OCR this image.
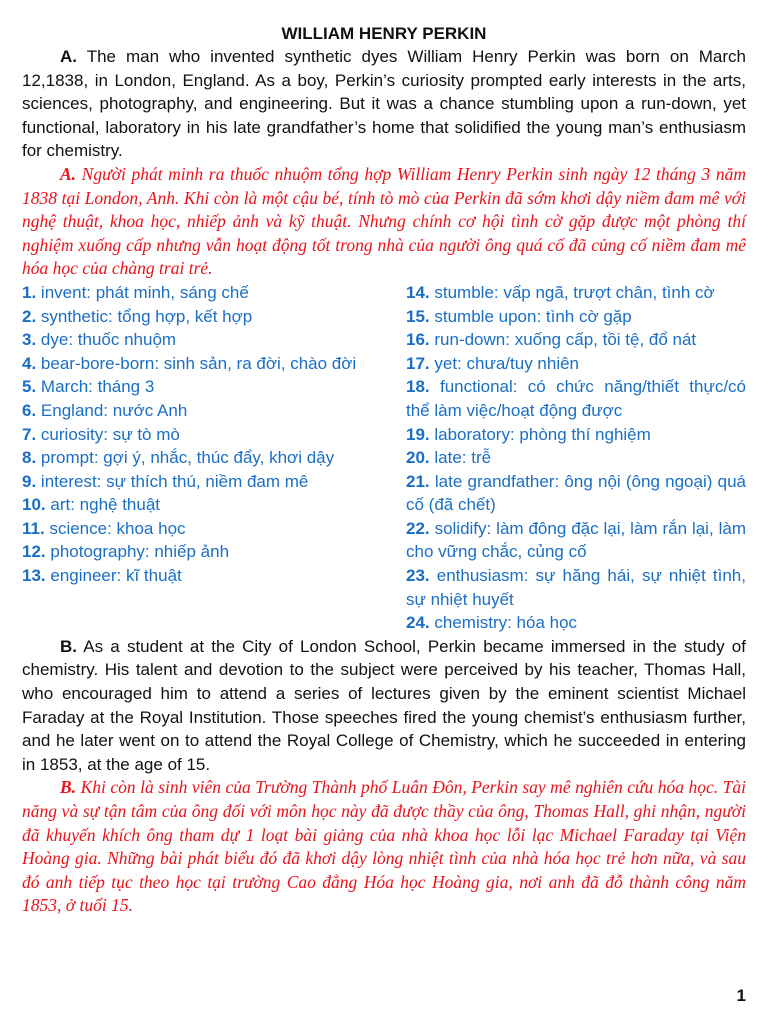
WILLIAM HENRY PERKIN

A. The man who invented synthetic dyes William Henry Perkin was born on March 12,1838, in London, England. As a boy, Perkin’s curiosity prompted early interests in the arts, sciences, photography, and engineering. But it was a chance stumbling upon a run-down, yet functional, laboratory in his late grandfather’s home that solidified the young man’s enthusiasm for chemistry.

A. Người phát minh ra thuốc nhuộm tổng hợp William Henry Perkin sinh ngày 12 tháng 3 năm 1838 tại London, Anh. Khi còn là một cậu bé, tính tò mò của Perkin đã sớm khơi dậy niềm đam mê với nghệ thuật, khoa học, nhiếp ảnh và kỹ thuật. Nhưng chính cơ hội tình cờ gặp được một phòng thí nghiệm xuống cấp nhưng vẫn hoạt động tốt trong nhà của người ông quá cố đã củng cố niềm đam mê hóa học của chàng trai trẻ.

1. invent: phát minh, sáng chế
2. synthetic: tổng hợp, kết hợp
3. dye: thuốc nhuộm
4. bear-bore-born: sinh sản, ra đời, chào đời
5. March: tháng 3
6. England: nước Anh
7. curiosity: sự tò mò
8. prompt: gợi ý, nhắc, thúc đẩy, khơi dậy
9. interest: sự thích thú, niềm đam mê
10. art: nghệ thuật
11. science: khoa học
12. photography: nhiếp ảnh
13. engineer: kĩ thuật
14. stumble: vấp ngã, trượt chân, tình cờ
15. stumble upon: tình cờ gặp
16. run-down: xuống cấp, tồi tệ, đổ nát
17. yet: chưa/tuy nhiên
18. functional: có chức năng/thiết thực/có thể làm việc/hoạt động được
19. laboratory: phòng thí nghiệm
20. late: trễ
21. late grandfather: ông nội (ông ngoại) quá cố (đã chết)
22. solidify: làm đông đặc lại, làm rắn lại, làm cho vững chắc, củng cố
23. enthusiasm: sự hăng hái, sự nhiệt tình, sự nhiệt huyết
24. chemistry: hóa học

B. As a student at the City of London School, Perkin became immersed in the study of chemistry. His talent and devotion to the subject were perceived by his teacher, Thomas Hall, who encouraged him to attend a series of lectures given by the eminent scientist Michael Faraday at the Royal Institution. Those speeches fired the young chemist’s enthusiasm further, and he later went on to attend the Royal College of Chemistry, which he succeeded in entering in 1853, at the age of 15.

B. Khi còn là sinh viên của Trường Thành phố Luân Đôn, Perkin say mê nghiên cứu hóa học. Tài năng và sự tận tâm của ông đối với môn học này đã được thầy của ông, Thomas Hall, ghi nhận, người đã khuyến khích ông tham dự 1 loạt bài giảng của nhà khoa học lỗi lạc Michael Faraday tại Viện Hoàng gia. Những bài phát biểu đó đã khơi dậy lòng nhiệt tình của nhà hóa học trẻ hơn nữa, và sau đó anh tiếp tục theo học tại trường Cao đẳng Hóa học Hoàng gia, nơi anh đã đỗ thành công năm 1853, ở tuổi 15.

1
